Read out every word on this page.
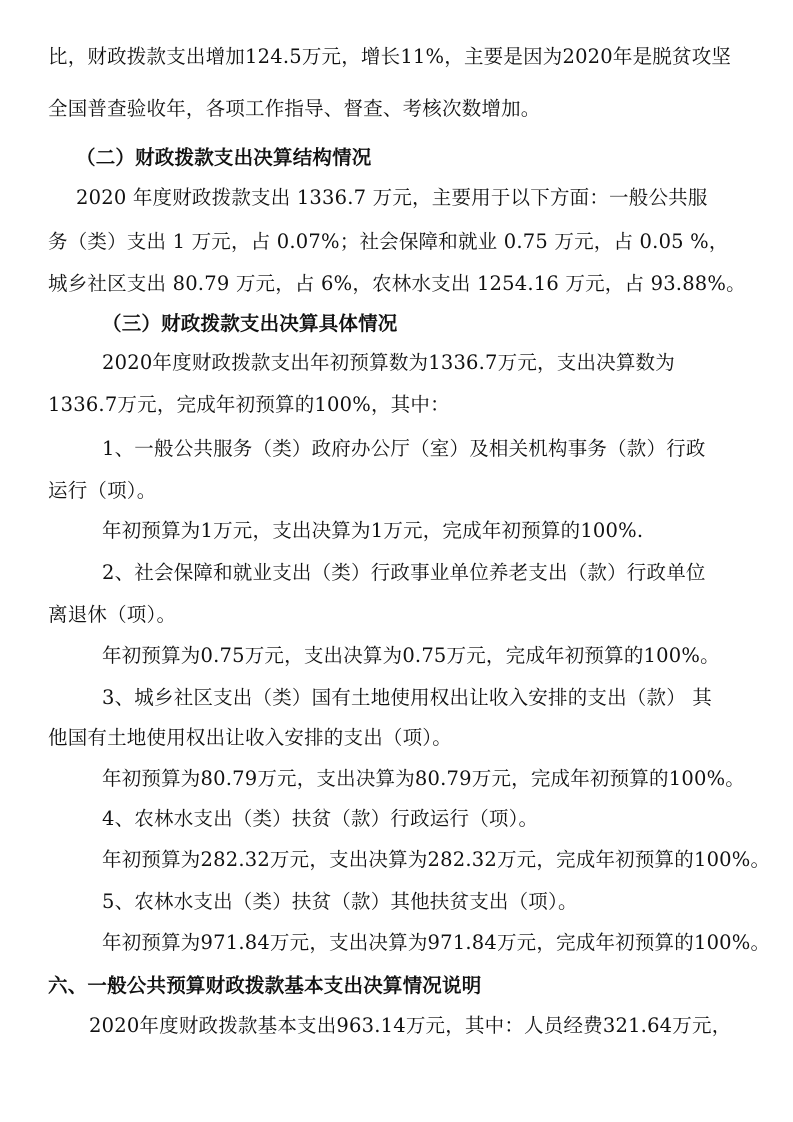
比，财政拨款支出增加124.5万元，增长11%，主要是因为2020年是脱贫攻坚
全国普查验收年，各项工作指导、督查、考核次数增加。
（二）财政拨款支出决算结构情况
2020 年度财政拨款支出 1336.7 万元，主要用于以下方面：一般公共服
务（类）支出 1 万元，占 0.07%；社会保障和就业 0.75 万元，占 0.05 %，
城乡社区支出 80.79 万元，占 6%，农林水支出 1254.16 万元，占 93.88%。
（三）财政拨款支出决算具体情况
2020年度财政拨款支出年初预算数为1336.7万元，支出决算数为
1336.7万元，完成年初预算的100%，其中：
1、一般公共服务（类）政府办公厅（室）及相关机构事务（款）行政
运行（项）。
年初预算为1万元，支出决算为1万元，完成年初预算的100%.
2、社会保障和就业支出（类）行政事业单位养老支出（款）行政单位
离退休（项）。
年初预算为0.75万元，支出决算为0.75万元，完成年初预算的100%。
3、城乡社区支出（类）国有土地使用权出让收入安排的支出（款） 其
他国有土地使用权出让收入安排的支出（项）。
年初预算为80.79万元，支出决算为80.79万元，完成年初预算的100%。
4、农林水支出（类）扶贫（款）行政运行（项）。
年初预算为282.32万元，支出决算为282.32万元，完成年初预算的100%。
5、农林水支出（类）扶贫（款）其他扶贫支出（项）。
年初预算为971.84万元，支出决算为971.84万元，完成年初预算的100%。
六、一般公共预算财政拨款基本支出决算情况说明
2020年度财政拨款基本支出963.14万元，其中：人员经费321.64万元，
